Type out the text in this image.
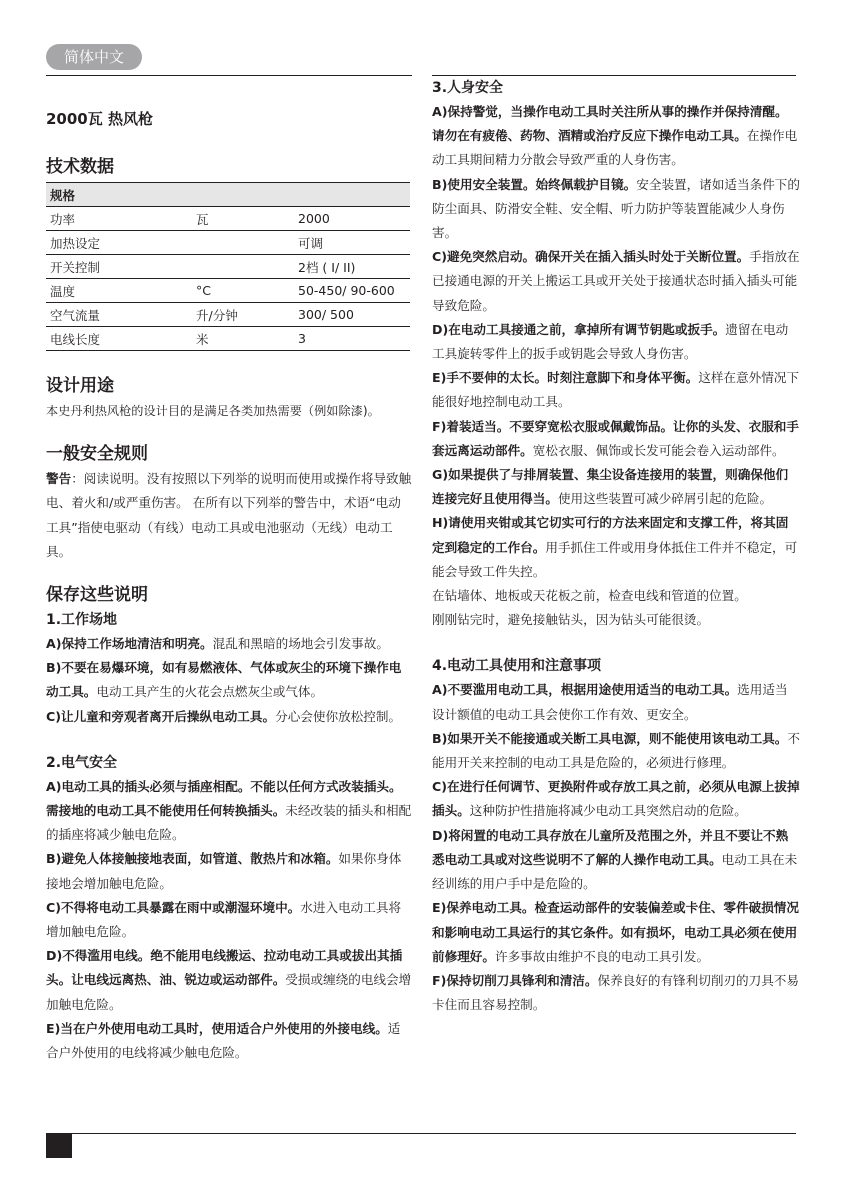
简体中文
2000瓦 热风枪
技术数据
规格		
功率	瓦	2000
加热设定		可调
开关控制		2档 ( I/ II)
温度	°C	50-450/ 90-600
空气流量	升/分钟	300/ 500
电线长度	米	3
设计用途

本史丹利热风枪的设计目的是满足各类加热需要（例如除漆)。

一般安全规则

警告：阅读说明。没有按照以下列举的说明而使用或操作将导致触电、着火和/或严重伤害。 在所有以下列举的警告中，术语“电动工具”指使电驱动（有线）电动工具或电池驱动（无线）电动工具。

保存这些说明
1.工作场地

A)保持工作场地清洁和明亮。混乱和黑暗的场地会引发事故。

B)不要在易爆环境，如有易燃液体、气体或灰尘的环境下操作电动工具。电动工具产生的火花会点燃灰尘或气体。

C)让儿童和旁观者离开后操纵电动工具。分心会使你放松控制。

2.电气安全

A)电动工具的插头必须与插座相配。不能以任何方式改装插头。需接地的电动工具不能使用任何转换插头。未经改装的插头和相配的插座将减少触电危险。

B)避免人体接触接地表面，如管道、散热片和冰箱。如果你身体接地会增加触电危险。

C)不得将电动工具暴露在雨中或潮湿环境中。水进入电动工具将增加触电危险。

D)不得滥用电线。绝不能用电线搬运、拉动电动工具或拔出其插头。让电线远离热、油、锐边或运动部件。受损或缠绕的电线会增加触电危险。

E)当在户外使用电动工具时，使用适合户外使用的外接电线。适合户外使用的电线将减少触电危险。

3.人身安全

A)保持警觉，当操作电动工具时关注所从事的操作并保持清醒。请勿在有疲倦、药物、酒精或治疗反应下操作电动工具。在操作电动工具期间精力分散会导致严重的人身伤害。

B)使用安全装置。始终佩载护目镜。安全装置，诸如适当条件下的防尘面具、防滑安全鞋、安全帽、听力防护等装置能减少人身伤害。

C)避免突然启动。确保开关在插入插头时处于关断位置。手指放在已接通电源的开关上搬运工具或开关处于接通状态时插入插头可能导致危险。

D)在电动工具接通之前，拿掉所有调节钥匙或扳手。遗留在电动工具旋转零件上的扳手或钥匙会导致人身伤害。

E)手不要伸的太长。时刻注意脚下和身体平衡。这样在意外情况下能很好地控制电动工具。

F)着装适当。不要穿宽松衣服或佩戴饰品。让你的头发、衣服和手套远离运动部件。宽松衣服、佩饰或长发可能会卷入运动部件。

G)如果提供了与排屑装置、集尘设备连接用的装置，则确保他们连接完好且使用得当。使用这些装置可减少碎屑引起的危险。

H)请使用夹钳或其它切实可行的方法来固定和支撑工件，将其固定到稳定的工作台。用手抓住工件或用身体抵住工件并不稳定，可能会导致工件失控。

在钻墙体、地板或天花板之前，检查电线和管道的位置。

刚刚钻完时，避免接触钻头，因为钻头可能很烫。

4.电动工具使用和注意事项

A)不要滥用电动工具，根据用途使用适当的电动工具。选用适当设计额值的电动工具会使你工作有效、更安全。

B)如果开关不能接通或关断工具电源，则不能使用该电动工具。不能用开关来控制的电动工具是危险的，必须进行修理。

C)在进行任何调节、更换附件或存放工具之前，必须从电源上拔掉插头。这种防护性措施将减少电动工具突然启动的危险。

D)将闲置的电动工具存放在儿童所及范围之外，并且不要让不熟悉电动工具或对这些说明不了解的人操作电动工具。电动工具在未经训练的用户手中是危险的。

E)保养电动工具。检查运动部件的安装偏差或卡住、零件破损情况和影响电动工具运行的其它条件。如有损坏，电动工具必须在使用前修理好。许多事故由维护不良的电动工具引发。

F)保持切削刀具锋利和清洁。保养良好的有锋利切削刃的刀具不易卡住而且容易控制。
